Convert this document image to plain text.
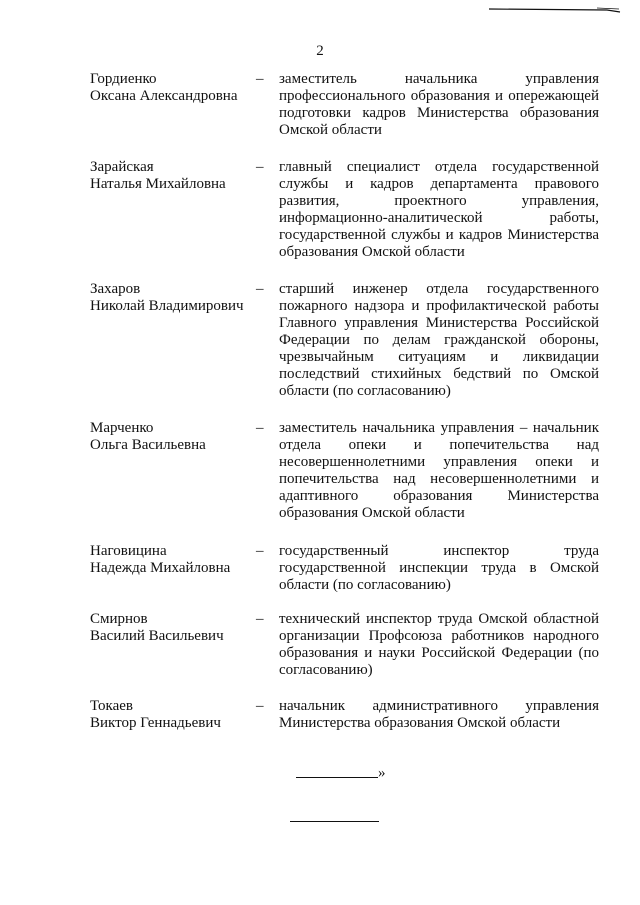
2
Гордиенко
Оксана Александровна
– заместитель начальника управления профессионального образования и опережающей подготовки кадров Министерства образования Омской области
Зарайская
Наталья Михайловна
– главный специалист отдела государственной службы и кадров департамента правового развития, проектного управления, информационно-аналитической работы, государственной службы и кадров Министерства образования Омской области
Захаров
Николай Владимирович
– старший инженер отдела государственного пожарного надзора и профилактической работы Главного управления Министерства Российской Федерации по делам гражданской обороны, чрезвычайным ситуациям и ликвидации последствий стихийных бедствий по Омской области (по согласованию)
Марченко
Ольга Васильевна
– заместитель начальника управления – начальник отдела опеки и попечительства над несовершеннолетними управления опеки и попечительства над несовершеннолетними и адаптивного образования Министерства образования Омской области
Наговицина
Надежда Михайловна
– государственный инспектор труда государственной инспекции труда в Омской области (по согласованию)
Смирнов
Василий Васильевич
– технический инспектор труда Омской областной организации Профсоюза работников народного образования и науки Российской Федерации (по согласованию)
Токаев
Виктор Геннадьевич
– начальник административного управления Министерства образования Омской области
»
